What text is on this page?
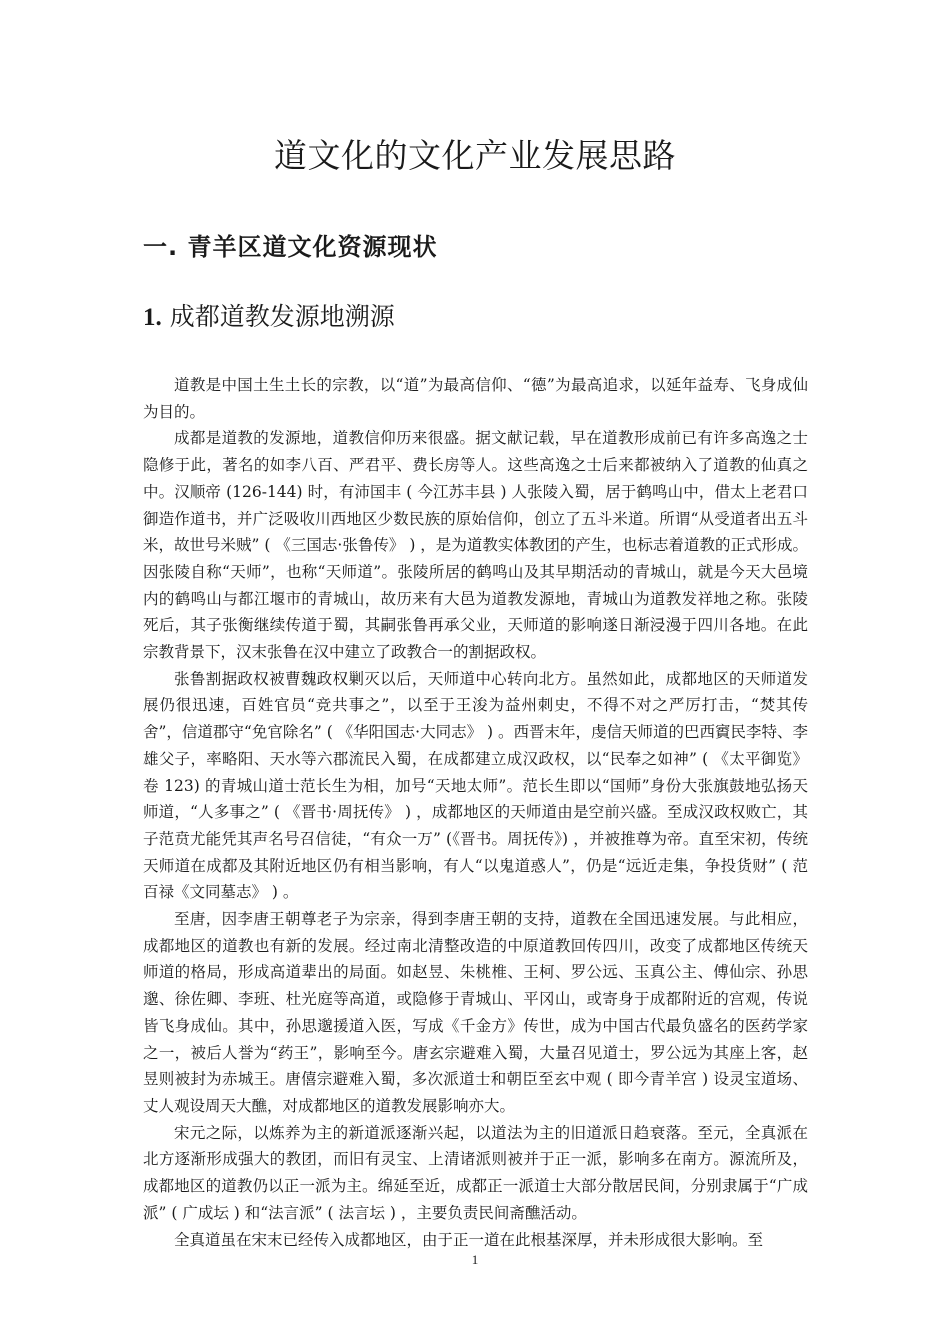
道文化的文化产业发展思路
一. 青羊区道文化资源现状
1. 成都道教发源地溯源

道教是中国土生土长的宗教，以“道”为最高信仰、“德”为最高追求，以延年益寿、飞身成仙为目的。

成都是道教的发源地，道教信仰历来很盛。据文献记载，早在道教形成前已有许多高逸之士隐修于此，著名的如李八百、严君平、费长房等人。这些高逸之士后来都被纳入了道教的仙真之中。汉顺帝 (126-144) 时，有沛国丰 ( 今江苏丰县 ) 人张陵入蜀，居于鹤鸣山中，借太上老君口御造作道书，并广泛吸收川西地区少数民族的原始信仰，创立了五斗米道。所谓“从受道者出五斗米，故世号米贼” ( 《三国志·张鲁传》 ) ，是为道教实体教团的产生，也标志着道教的正式形成。因张陵自称“天师”，也称“天师道”。张陵所居的鹤鸣山及其早期活动的青城山，就是今天大邑境内的鹤鸣山与都江堰市的青城山，故历来有大邑为道教发源地，青城山为道教发祥地之称。张陵死后，其子张衡继续传道于蜀，其嗣张鲁再承父业，天师道的影响遂日渐浸漫于四川各地。在此宗教背景下，汉末张鲁在汉中建立了政教合一的割据政权。

张鲁割据政权被曹魏政权剿灭以后，天师道中心转向北方。虽然如此，成都地区的天师道发展仍很迅速，百姓官员“竞共事之”，以至于王浚为益州刺史，不得不对之严厉打击，“焚其传舍”，信道郡守“免官除名” ( 《华阳国志·大同志》 ) 。西晋末年，虔信天师道的巴西賨民李特、李雄父子，率略阳、天水等六郡流民入蜀，在成都建立成汉政权，以“民奉之如神” ( 《太平御览》卷 123) 的青城山道士范长生为相，加号“天地太师”。范长生即以“国师”身份大张旗鼓地弘扬天师道，“人多事之” ( 《晋书·周抚传》 ) ，成都地区的天师道由是空前兴盛。至成汉政权败亡，其子范贲尤能凭其声名号召信徒，“有众一万” (《晋书。周抚传》) ，并被推尊为帝。直至宋初，传统天师道在成都及其附近地区仍有相当影响，有人“以鬼道惑人”，仍是“远近走集，争投货财” ( 范百禄《文同墓志》 ) 。

至唐，因李唐王朝尊老子为宗亲，得到李唐王朝的支持，道教在全国迅速发展。与此相应，成都地区的道教也有新的发展。经过南北清整改造的中原道教回传四川，改变了成都地区传统天师道的格局，形成高道辈出的局面。如赵昱、朱桃椎、王柯、罗公远、玉真公主、傅仙宗、孙思邈、徐佐卿、李班、杜光庭等高道，或隐修于青城山、平冈山，或寄身于成都附近的宫观，传说皆飞身成仙。其中，孙思邈援道入医，写成《千金方》传世，成为中国古代最负盛名的医药学家之一，被后人誉为“药王”，影响至今。唐玄宗避难入蜀，大量召见道士，罗公远为其座上客，赵昱则被封为赤城王。唐僖宗避难入蜀，多次派道士和朝臣至玄中观 ( 即今青羊宫 ) 设灵宝道场、丈人观设周天大醮，对成都地区的道教发展影响亦大。

宋元之际，以炼养为主的新道派逐渐兴起，以道法为主的旧道派日趋衰落。至元，全真派在北方逐渐形成强大的教团，而旧有灵宝、上清诸派则被并于正一派，影响多在南方。源流所及，成都地区的道教仍以正一派为主。绵延至近，成都正一派道士大部分散居民间，分别隶属于“广成派” ( 广成坛 ) 和“法言派” ( 法言坛 ) ，主要负责民间斋醮活动。

全真道虽在宋末已经传入成都地区，由于正一道在此根基深厚，并未形成很大影响。至

1
